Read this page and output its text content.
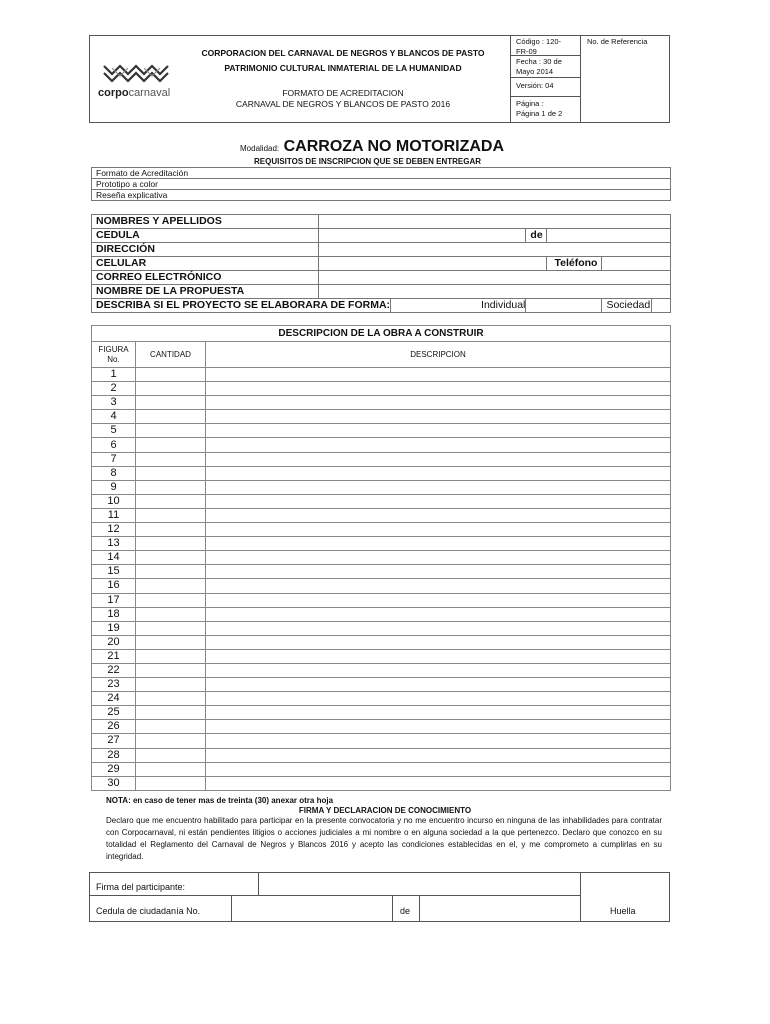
corpocarnaval
CORPORACION DEL CARNAVAL DE NEGROS Y BLANCOS DE PASTO
PATRIMONIO CULTURAL INMATERIAL DE LA HUMANIDAD
FORMATO DE ACREDITACION
CARNAVAL DE NEGROS Y BLANCOS DE PASTO 2016
Código : 120-
FR-09
Fecha : 30 de
Mayo 2014
Versión: 04
Página :
Página 1 de 2
No. de Referencia
Modalidad: CARROZA NO MOTORIZADA
REQUISITOS DE INSCRIPCION QUE SE DEBEN ENTREGAR
Formato de Acreditación
Prototipo a color
Reseña explicativa
NOMBRES Y APELLIDOS						
CEDULA			de			
DIRECCIÓN						
CELULAR				Teléfono		
CORREO ELECTRÓNICO						
NOMBRE DE LA PROPUESTA						
DESCRIBA SI EL PROYECTO SE ELABORARA DE FORMA:		Individual			Sociedad	
DESCRIPCION DE LA OBRA A CONSTRUIR		
FIGURA No.	CANTIDAD	DESCRIPCION
1		
2		
3		
4		
5		
6		
7		
8		
9		
10		
11		
12		
13		
14		
15		
16		
17		
18		
19		
20		
21		
22		
23		
24		
25		
26		
27		
28		
29		
30		
NOTA: en caso de tener mas de treinta (30) anexar otra hoja
FIRMA Y DECLARACION DE CONOCIMIENTO
Declaro que me encuentro habilitado para participar en la presente convocatoria y no me encuentro incurso en ninguna de las inhabilidades para contratar con Corpocarnaval, ni están pendientes litigios o acciones judiciales a mi nombre o en alguna sociedad a la que pertenezco. Declaro que conozco en su totalidad el Reglamento del Carnaval de Negros y Blancos 2016 y acepto las condiciones establecidas en el, y me comprometo a cumplirlas en su integridad.
Firma del participante:
Cedula de ciudadanía No.	de	Huella
